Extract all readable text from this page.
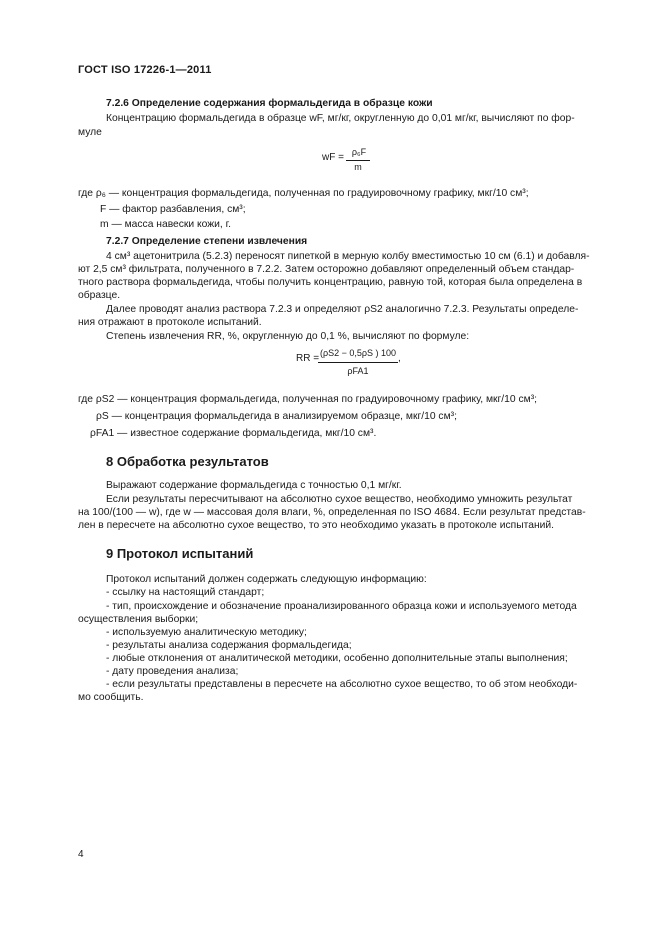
ГОСТ ISO 17226-1—2011
7.2.6 Определение содержания формальдегида в образце кожи
Концентрацию формальдегида в образце wF, мг/кг, округленную до 0,01 мг/кг, вычисляют по фор-
муле
wF = ρ₆F
m
где ρ₆ — концентрация формальдегида, полученная по градуировочному графику, мкг/10 см³;
F — фактор разбавления, см³;
m — масса навески кожи, г.
7.2.7 Определение степени извлечения
4 см³ ацетонитрила (5.2.3) переносят пипеткой в мерную колбу вместимостью 10 см (6.1) и добавля-
ют 2,5 см³ фильтрата, полученного в 7.2.2. Затем осторожно добавляют определенный объем стандар-
тного раствора формальдегида, чтобы получить концентрацию, равную той, которая была определена в
образце.
Далее проводят анализ раствора 7.2.3 и определяют ρS2 аналогично 7.2.3. Результаты определе-
ния отражают в протоколе испытаний.
Степень извлечения RR, %, округленную до 0,1 %, вычисляют по формуле:
RR = (ρS2 − 0,5ρS ) 100
ρFA1
,
где ρS2 — концентрация формальдегида, полученная по градуировочному графику, мкг/10 см³;
ρS — концентрация формальдегида в анализируемом образце, мкг/10 см³;
ρFA1 — известное содержание формальдегида, мкг/10 см³.
8 Обработка результатов
Выражают содержание формальдегида с точностью 0,1 мг/кг.
Если результаты пересчитывают на абсолютно сухое вещество, необходимо умножить результат
на 100/(100 — w), где w — массовая доля влаги, %, определенная по ISO 4684. Если результат представ-
лен в пересчете на абсолютно сухое вещество, то это необходимо указать в протоколе испытаний.
9 Протокол испытаний
Протокол испытаний должен содержать следующую информацию:
- ссылку на настоящий стандарт;
- тип, происхождение и обозначение проанализированного образца кожи и используемого метода
осуществления выборки;
- используемую аналитическую методику;
- результаты анализа содержания формальдегида;
- любые отклонения от аналитической методики, особенно дополнительные этапы выполнения;
- дату проведения анализа;
- если результаты представлены в пересчете на абсолютно сухое вещество, то об этом необходи-
мо сообщить.
4
